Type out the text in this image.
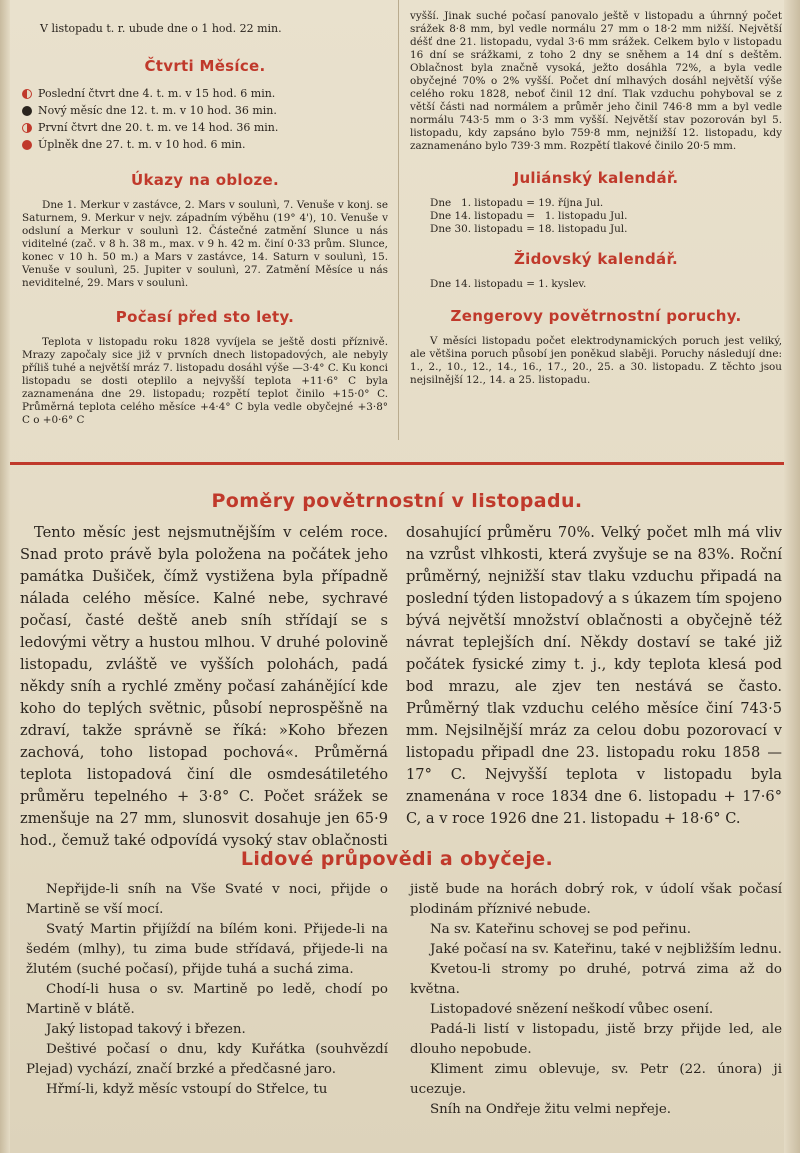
V listopadu t. r. ubude dne o 1 hod. 22 min.
Čtvrti Měsíce.
Poslední čtvrt dne 4. t. m. v 15 hod. 6 min.
Nový měsíc dne 12. t. m. v 10 hod. 36 min.
První čtvrt dne 20. t. m. ve 14 hod. 36 min.
Úplněk dne 27. t. m. v 10 hod. 6 min.
Úkazy na obloze.
Dne 1. Merkur v zastávce, 2. Mars v soulunì, 7. Venuše v konj. se Saturnem, 9. Merkur v nejv. západním výběhu (19° 4'), 10. Venuše v odsluní a Merkur v soulunì 12. Částečné zatmění Slunce u nás viditelné (zač. v 8 h. 38 m., max. v 9 h. 42 m. činí 0·33 prům. Slunce, konec v 10 h. 50 m.) a Mars v zastávce, 14. Saturn v soulunì, 15. Venuše v soulunì, 25. Jupiter v soulunì, 27. Zatmění Měsíce u nás neviditelné, 29. Mars v soulunì.
Počasí před sto lety.
Teplota v listopadu roku 1828 vyvíjela se ještě dosti příznivě. Mrazy započaly sice již v prvních dnech listopadových, ale nebyly příliš tuhé a největší mráz 7. listopadu dosáhl výše —3·4° C. Ku konci listopadu se dosti oteplilo a nejvyšší teplota +11·6° C byla zaznamenána dne 29. listopadu; rozpětí teplot činilo +15·0° C. Průměrná teplota celého měsíce +4·4° C byla vedle obyčejné +3·8° C o +0·6° C
vyšší. Jinak suché počasí panovalo ještě v listopadu a úhrnný počet srážek 8·8 mm, byl vedle normálu 27 mm o 18·2 mm nižší. Největší déšť dne 21. listopadu, vydal 3·6 mm srážek. Celkem bylo v listopadu 16 dní se srážkami, z toho 2 dny se sněhem a 14 dní s deštěm. Oblačnost byla značně vysoká, ježto dosáhla 72%, a byla vedle obyčejné 70% o 2% vyšší. Počet dní mlhavých dosáhl největší výše celého roku 1828, neboť činil 12 dní. Tlak vzduchu pohyboval se z větší části nad normálem a průměr jeho činil 746·8 mm a byl vedle normálu 743·5 mm o 3·3 mm vyšší. Největší stav pozorován byl 5. listopadu, kdy zapsáno bylo 759·8 mm, nejnižší 12. listopadu, kdy zaznamenáno bylo 739·3 mm. Rozpětí tlakové činilo 20·5 mm.
Juliánský kalendář.
Dne   1. listopadu = 19. října Jul.
Dne 14. listopadu =   1. listopadu Jul.
Dne 30. listopadu = 18. listopadu Jul.
Židovský kalendář.
Dne 14. listopadu = 1. kyslev.
Zengerovy povětrnostní poruchy.
V měsíci listopadu počet elektrodynamických poruch jest veliký, ale většina poruch působí jen poněkud slaběji. Poruchy následují dne: 1., 2., 10., 12., 14., 16., 17., 20., 25. a 30. listopadu. Z těchto jsou nejsilnější 12., 14. a 25. listopadu.
Poměry povětrnostní v listopadu.

Tento měsíc jest nejsmutnějším v celém roce. Snad proto právě byla položena na počátek jeho památka Dušiček, čímž vystižena byla případně nálada celého měsíce. Kalné nebe, sychravé počasí, časté deště aneb sníh střídají se s ledovými větry a hustou mlhou. V druhé polovině listopadu, zvláště ve vyšších polohách, padá někdy sníh a rychlé změny počasí zahánějící kde koho do teplých světnic, působí neprospěšně na zdraví, takže správně se říká: »Koho březen zachová, toho listopad pochová«. Průměrná teplota listopadová činí dle osmdesátiletého průměru tepelného + 3·8° C. Počet srážek se zmenšuje na 27 mm, slunosvit dosahuje jen 65·9 hod., čemuž také odpovídá vysoký stav oblačnosti

dosahující průměru 70%. Velký počet mlh má vliv na vzrůst vlhkosti, která zvyšuje se na 83%. Roční průměrný, nejnižší stav tlaku vzduchu připadá na poslední týden listopadový a s úkazem tím spojeno bývá největší množství oblačnosti a obyčejně též návrat teplejších dní. Někdy dostaví se také již počátek fysické zimy t. j., kdy teplota klesá pod bod mrazu, ale zjev ten nestává se často. Průměrný tlak vzduchu celého měsíce činí 743·5 mm. Nejsilnější mráz za celou dobu pozorovací v listopadu připadl dne 23. listopadu roku 1858 — 17° C. Nejvyšší teplota v listopadu byla znamenána v roce 1834 dne 6. listopadu + 17·6° C, a v roce 1926 dne 21. listopadu + 18·6° C.

Lidové průpovědi a obyčeje.

Nepřijde-li sníh na Vše Svaté v noci, přijde o Martině se vší mocí.

Svatý Martin přijíždí na bílém koni. Přijede-li na šedém (mlhy), tu zima bude střídavá, přijede-li na žlutém (suché počasí), přijde tuhá a suchá zima.

Chodí-li husa o sv. Martině po ledě, chodí po Martině v blátě.

Jaký listopad takový i březen.

Deštivé počasí o dnu, kdy Kuřátka (souhvězdí Plejad) vychází, značí brzké a předčasné jaro.

Hřmí-li, když měsíc vstoupí do Střelce, tu

jistě bude na horách dobrý rok, v údolí však počasí plodinám příznivé nebude.

Na sv. Kateřinu schovej se pod peřinu.

Jaké počasí na sv. Kateřinu, také v nejbližším lednu.

Kvetou-li stromy po druhé, potrvá zima až do května.

Listopadové snězení neškodí vůbec osení.

Padá-li listí v listopadu, jistě brzy přijde led, ale dlouho nepobude.

Kliment zimu oblevuje, sv. Petr (22. února) ji ucezuje.

Sníh na Ondřeje žitu velmi nepřeje.
